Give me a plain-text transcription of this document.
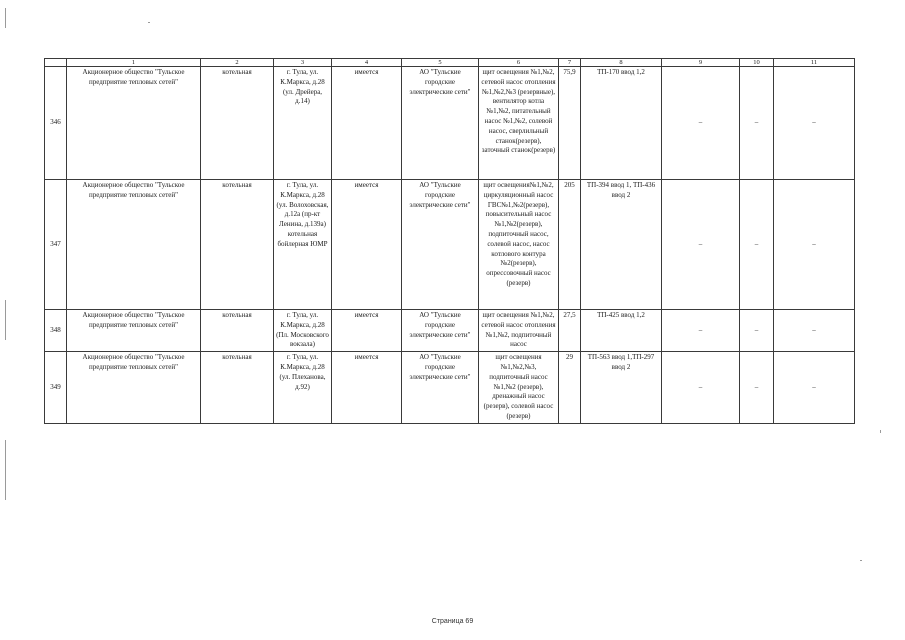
	1	2	3	4	5	6	7	8	9	10	11
346	Акционерное общество "Тульское предприятие тепловых сетей"	котельная	г. Тула, ул. К.Маркса, д.28 (ул. Дрейера, д.14)	имеется	АО "Тульские городские электрические сети"	щит освещения №1,№2, сетевой насос отопления №1,№2,№3 (резервные), вентилятор котла №1,№2, питательный насос №1,№2, солевой насос, сверлильный станок(резерв), заточный станок(резерв)	75,9	ТП-170 ввод 1,2	–	–	–
347	Акционерное общество "Тульское предприятие тепловых сетей"	котельная	г. Тула, ул. К.Маркса, д.28 (ул. Волоховская, д.12а (пр-кт Ленина, д.139а) котельная бойлерная ЮМР	имеется	АО "Тульские городские электрические сети"	щит освещения№1,№2, циркуляционный насос ГВС№1,№2(резерв), повысительный насос №1,№2(резерв), подпиточный насос, солевой насос, насос котлового контура №2(резерв), опрессовочный насос (резерв)	205	ТП-394 ввод 1, ТП-436 ввод 2	–	–	–
348	Акционерное общество "Тульское предприятие тепловых сетей"	котельная	г. Тула, ул. К.Маркса, д.28 (Пл. Московского вокзала)	имеется	АО "Тульские городские электрические сети"	щит освещения №1,№2, сетевой насос отопления №1,№2, подпиточный насос	27,5	ТП-425 ввод 1,2	–	–	–
349	Акционерное общество "Тульское предприятие тепловых сетей"	котельная	г. Тула, ул. К.Маркса, д.28 (ул. Плеханова, д.92)	имеется	АО "Тульские городские электрические сети"	щит освещения №1,№2,№3, подпиточный насос №1,№2 (резерв), дренажный насос (резерв), солевой насос (резерв)	29	ТП-563 ввод 1,ТП-297 ввод 2	–	–	–
Страница 69
